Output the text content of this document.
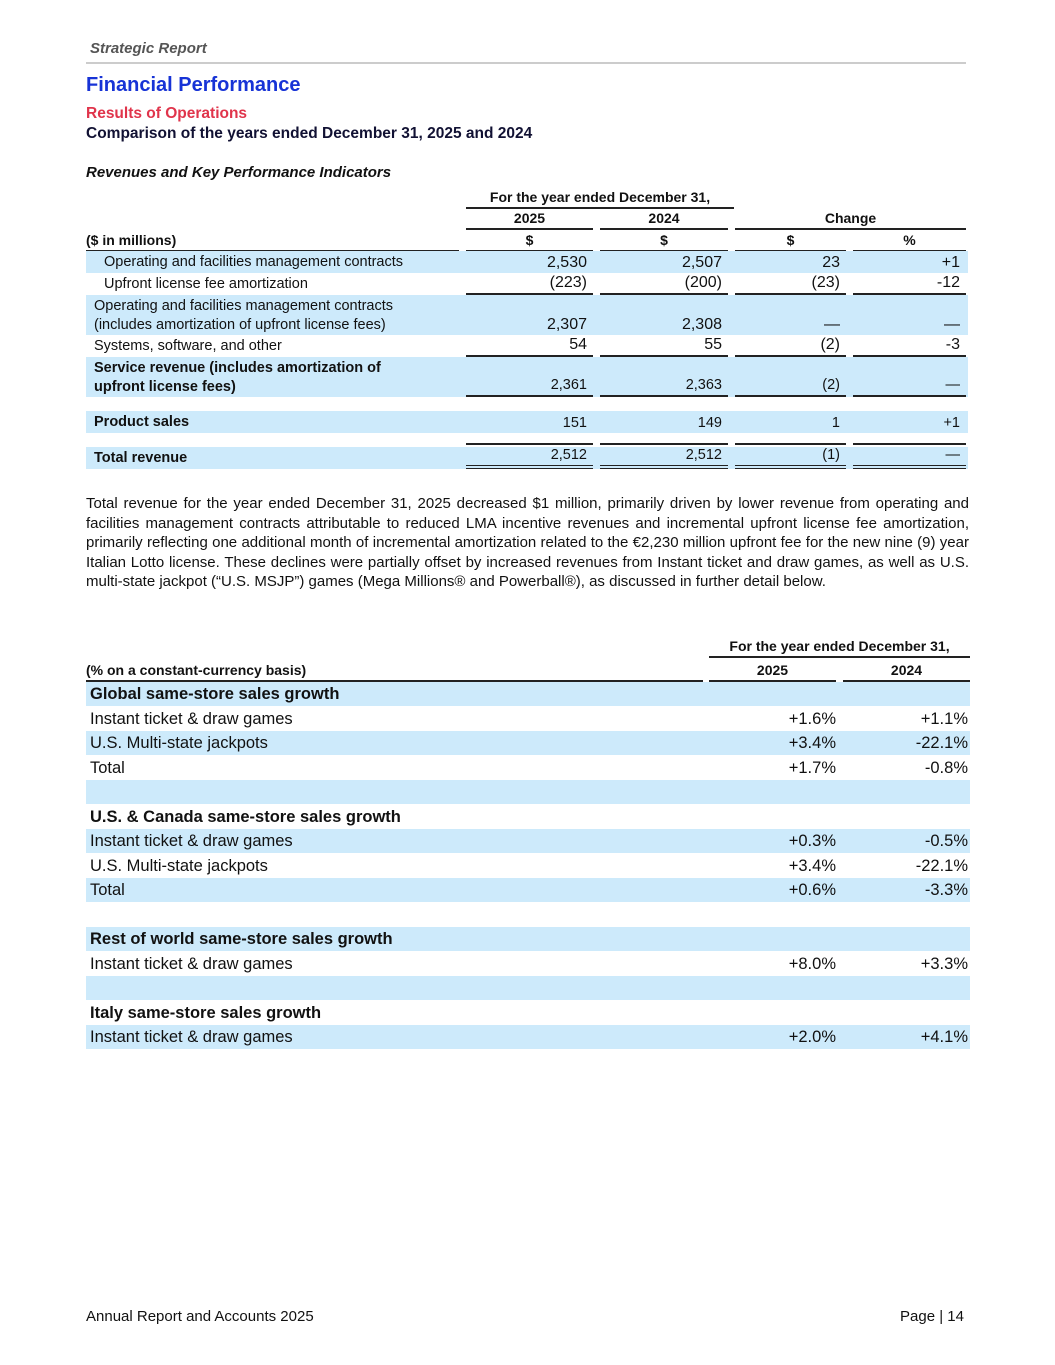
Strategic Report
Financial Performance
Results of Operations
Comparison of the years ended December 31, 2025 and 2024
Revenues and Key Performance Indicators
For the year ended December 31,
2025	2024	Change
($ in millions)	$	$	$	%
Operating and facilities management contracts	2,530	2,507	23	+1
Upfront license fee amortization	(223)	(200)	(23)	-12
Operating and facilities management contracts
(includes amortization of upfront license fees)	2,307	2,308	—	—
Systems, software, and other	54	55	(2)	-3
Service revenue (includes amortization of
upfront license fees)	2,361	2,363	(2)	—
Product sales	151	149	1	+1
Total revenue	2,512	2,512	(1)	—
Total revenue for the year ended December 31, 2025 decreased $1 million, primarily driven by lower revenue from operating and facilities management contracts attributable to reduced LMA incentive revenues and incremental upfront license fee amortization, primarily reflecting one additional month of incremental amortization related to the €2,230 million upfront fee for the new nine (9) year Italian Lotto license. These declines were partially offset by increased revenues from Instant ticket and draw games, as well as U.S. multi-state jackpot (“U.S. MSJP”) games (Mega Millions® and Powerball®), as discussed in further detail below.
For the year ended December 31,
(% on a constant-currency basis)	2025	2024
Global same-store sales growth
Instant ticket & draw games	+1.6%	+1.1%
U.S. Multi-state jackpots	+3.4%	-22.1%
Total	+1.7%	-0.8%
U.S. & Canada same-store sales growth
Instant ticket & draw games	+0.3%	-0.5%
U.S. Multi-state jackpots	+3.4%	-22.1%
Total	+0.6%	-3.3%
Rest of world same-store sales growth
Instant ticket & draw games	+8.0%	+3.3%
Italy same-store sales growth
Instant ticket & draw games	+2.0%	+4.1%
Annual Report and Accounts 2025	Page | 14
